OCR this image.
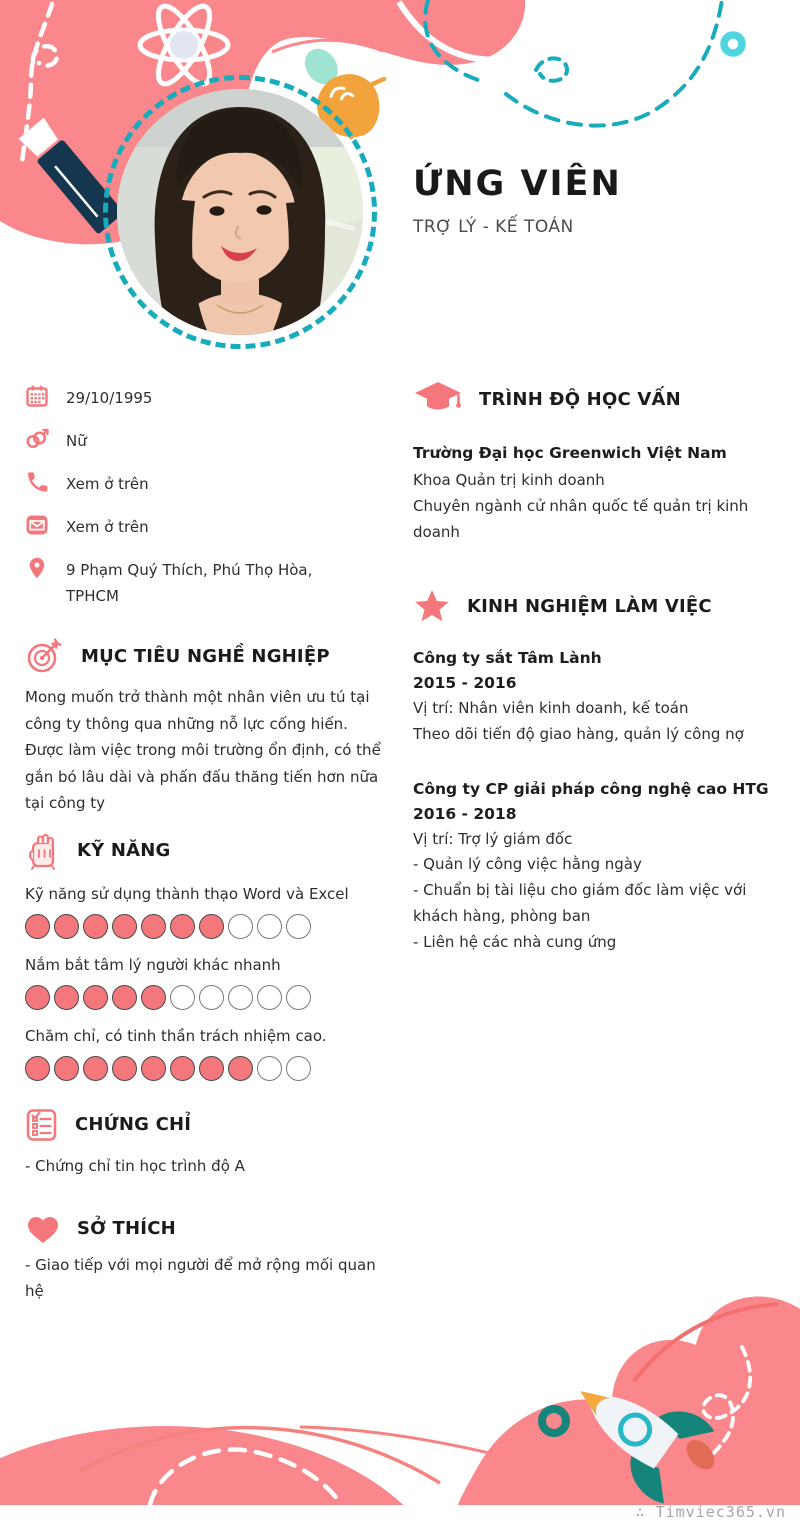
ỨNG VIÊN
TRỢ LÝ - KẾ TOÁN
29/10/1995
Nữ
Xem ở trên
Xem ở trên
9 Phạm Quý Thích, Phú Thọ Hòa, TPHCM
MỤC TIÊU NGHỀ NGHIỆP

Mong muốn trở thành một nhân viên ưu tú tại công ty thông qua những nỗ lực cống hiến. Được làm việc trong môi trường ổn định, có thể gắn bó lâu dài và phấn đấu thăng tiến hơn nữa tại công ty

KỸ NĂNG

Kỹ năng sử dụng thành thạo Word và Excel

Nắm bắt tâm lý người khác nhanh

Chăm chỉ, có tinh thần trách nhiệm cao.

CHỨNG CHỈ

- Chứng chỉ tin học trình độ A

SỞ THÍCH

- Giao tiếp với mọi người để mở rộng mối quan hệ

TRÌNH ĐỘ HỌC VẤN

Trường Đại học Greenwich Việt Nam

Khoa Quản trị kinh doanh

Chuyên ngành cử nhân quốc tế quản trị kinh doanh

KINH NGHIỆM LÀM VIỆC

Công ty sắt Tâm Lành

2015 - 2016

Vị trí: Nhân viên kinh doanh, kế toán

Theo dõi tiến độ giao hàng, quản lý công nợ

Công ty CP giải pháp công nghệ cao HTG

2016 - 2018

Vị trí: Trợ lý giám đốc

- Quản lý công việc hằng ngày

- Chuẩn bị tài liệu cho giám đốc làm việc với khách hàng, phòng ban

- Liên hệ các nhà cung ứng

∴ Timviec365.vn
